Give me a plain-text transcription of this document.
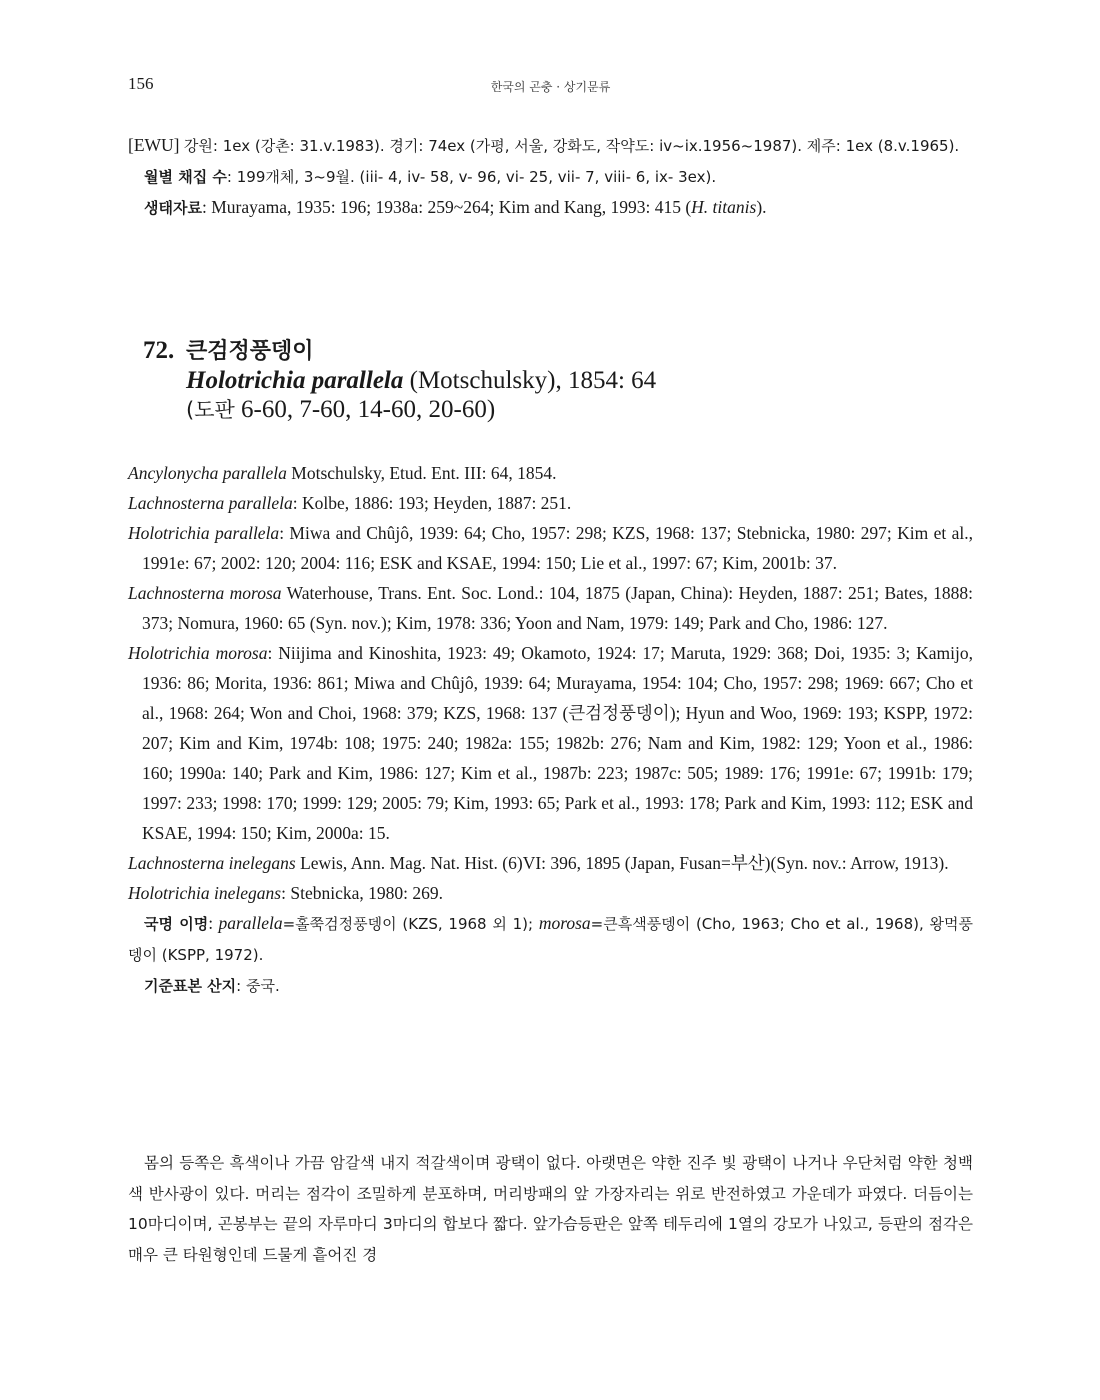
156	한국의 곤충 · 상기문류

[EWU] 강원: 1ex (강촌: 31.v.1983). 경기: 74ex (가평, 서울, 강화도, 작약도: iv~ix.1956~1987). 제주: 1ex (8.v.1965).

월별 채집 수: 199개체, 3~9월. (iii- 4, iv- 58, v- 96, vi- 25, vii- 7, viii- 6, ix- 3ex).

생태자료: Murayama, 1935: 196; 1938a: 259~264; Kim and Kang, 1993: 415 (H. titanis).

72. 큰검정풍뎅이
Holotrichia parallela (Motschulsky), 1854: 64
(도판 6-60, 7-60, 14-60, 20-60)

Ancylonycha parallela Motschulsky, Etud. Ent. III: 64, 1854.

Lachnosterna parallela: Kolbe, 1886: 193; Heyden, 1887: 251.

Holotrichia parallela: Miwa and Chûjô, 1939: 64; Cho, 1957: 298; KZS, 1968: 137; Stebnicka, 1980: 297; Kim et al., 1991e: 67; 2002: 120; 2004: 116; ESK and KSAE, 1994: 150; Lie et al., 1997: 67; Kim, 2001b: 37.

Lachnosterna morosa Waterhouse, Trans. Ent. Soc. Lond.: 104, 1875 (Japan, China): Heyden, 1887: 251; Bates, 1888: 373; Nomura, 1960: 65 (Syn. nov.); Kim, 1978: 336; Yoon and Nam, 1979: 149; Park and Cho, 1986: 127.

Holotrichia morosa: Niijima and Kinoshita, 1923: 49; Okamoto, 1924: 17; Maruta, 1929: 368; Doi, 1935: 3; Kamijo, 1936: 86; Morita, 1936: 861; Miwa and Chûjô, 1939: 64; Murayama, 1954: 104; Cho, 1957: 298; 1969: 667; Cho et al., 1968: 264; Won and Choi, 1968: 379; KZS, 1968: 137 (큰검정풍뎅이); Hyun and Woo, 1969: 193; KSPP, 1972: 207; Kim and Kim, 1974b: 108; 1975: 240; 1982a: 155; 1982b: 276; Nam and Kim, 1982: 129; Yoon et al., 1986: 160; 1990a: 140; Park and Kim, 1986: 127; Kim et al., 1987b: 223; 1987c: 505; 1989: 176; 1991e: 67; 1991b: 179; 1997: 233; 1998: 170; 1999: 129; 2005: 79; Kim, 1993: 65; Park et al., 1993: 178; Park and Kim, 1993: 112; ESK and KSAE, 1994: 150; Kim, 2000a: 15.

Lachnosterna inelegans Lewis, Ann. Mag. Nat. Hist. (6)VI: 396, 1895 (Japan, Fusan=부산)(Syn. nov.: Arrow, 1913).

Holotrichia inelegans: Stebnicka, 1980: 269.

국명 이명: parallela=홀쭉검정풍뎅이 (KZS, 1968 외 1); morosa=큰흑색풍뎅이 (Cho, 1963; Cho et al., 1968), 왕먹풍뎅이 (KSPP, 1972).

기준표본 산지: 중국.

몸의 등쪽은 흑색이나 가끔 암갈색 내지 적갈색이며 광택이 없다. 아랫면은 약한 진주 빛 광택이 나거나 우단처럼 약한 청백색 반사광이 있다. 머리는 점각이 조밀하게 분포하며, 머리방패의 앞 가장자리는 위로 반전하였고 가운데가 파였다. 더듬이는 10마디이며, 곤봉부는 끝의 자루마디 3마디의 합보다 짧다. 앞가슴등판은 앞쪽 테두리에 1열의 강모가 나있고, 등판의 점각은 매우 큰 타원형인데 드물게 흩어진 경
